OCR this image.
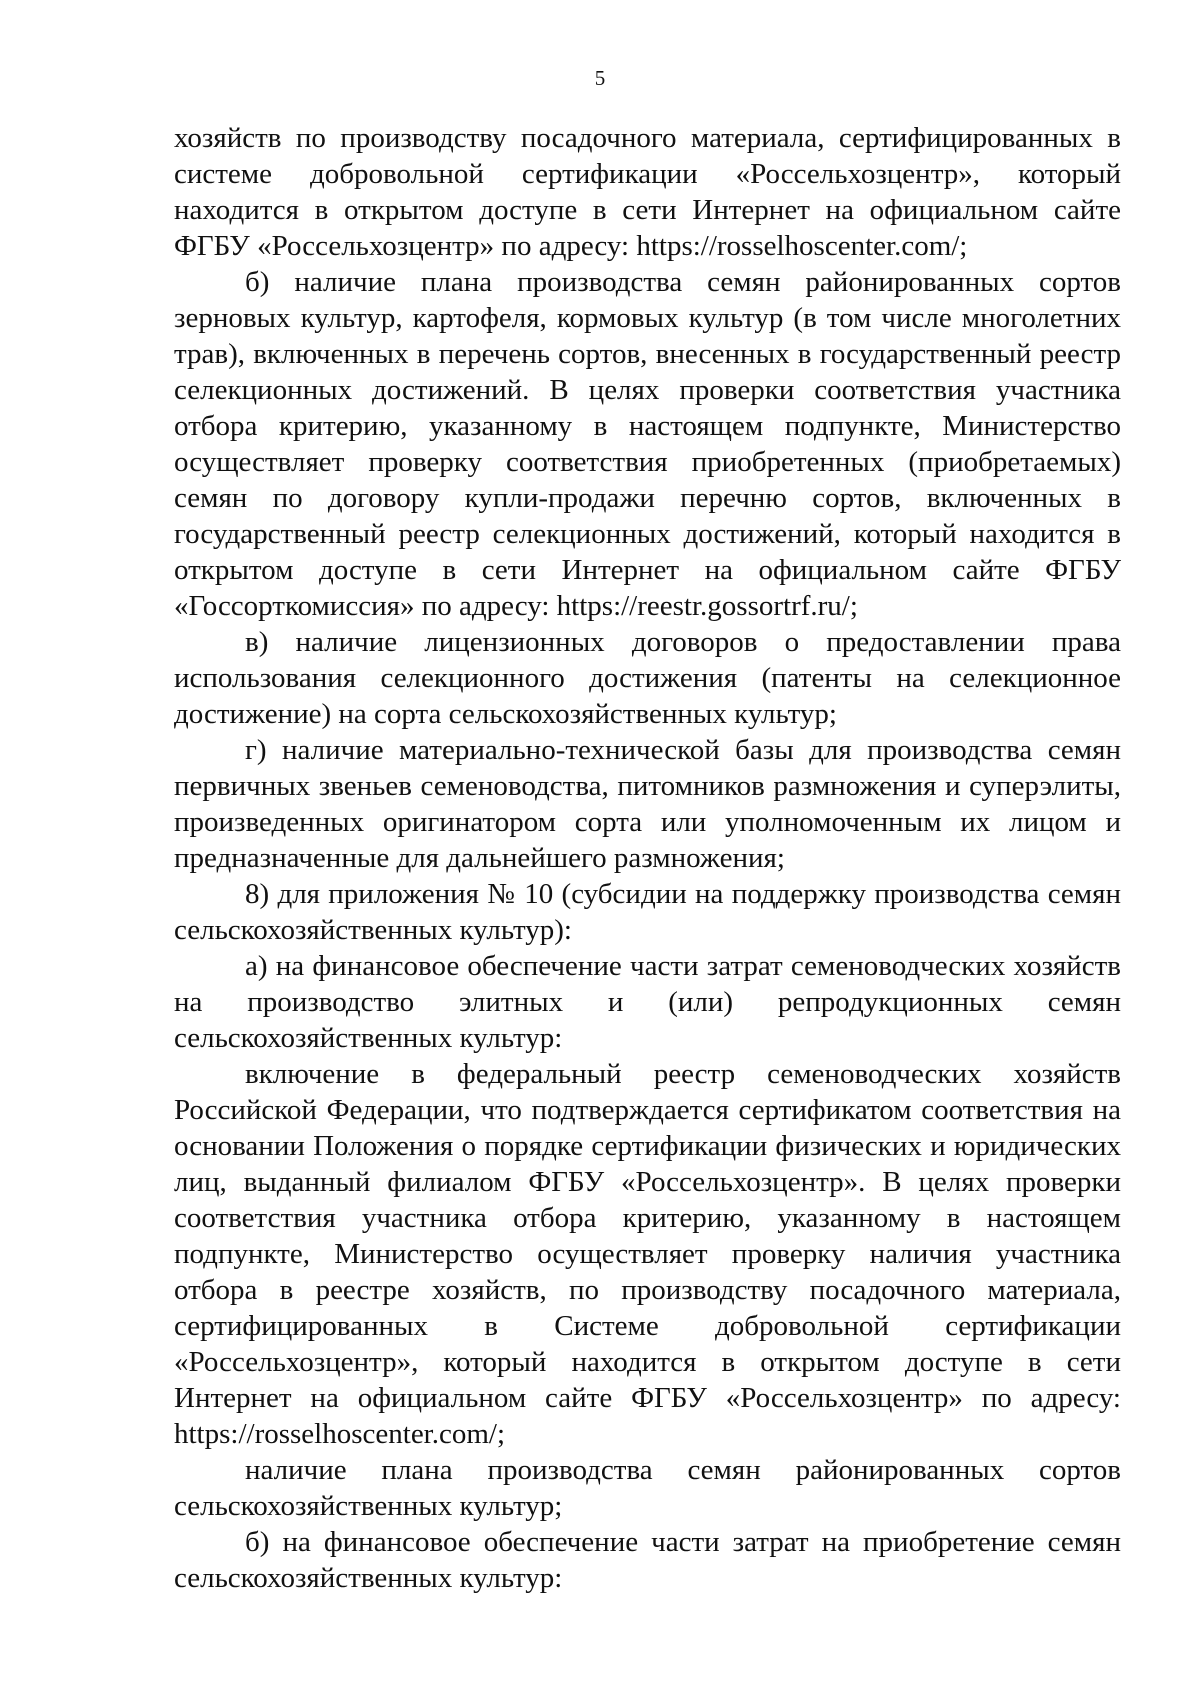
5

хозяйств по производству посадочного материала, сертифицированных в системе добровольной сертификации «Россельхозцентр», который находится в открытом доступе в сети Интернет на официальном сайте ФГБУ «Россельхозцентр» по адресу: https://rosselhoscenter.com/;

б) наличие плана производства семян районированных сортов зерновых культур, картофеля, кормовых культур (в том числе многолетних трав), включенных в перечень сортов, внесенных в государственный реестр селекционных достижений. В целях проверки соответствия участника отбора критерию, указанному в настоящем подпункте, Министерство осуществляет проверку соответствия приобретенных (приобретаемых) семян по договору купли-продажи перечню сортов, включенных в государственный реестр селекционных достижений, который находится в открытом доступе в сети Интернет на официальном сайте ФГБУ «Госсорткомиссия» по адресу: https://reestr.gossortrf.ru/;

в) наличие лицензионных договоров о предоставлении права использования селекционного достижения (патенты на селекционное достижение) на сорта сельскохозяйственных культур;

г) наличие материально-технической базы для производства семян первичных звеньев семеноводства, питомников размножения и суперэлиты, произведенных оригинатором сорта или уполномоченным их лицом и предназначенные для дальнейшего размножения;

8) для приложения № 10 (субсидии на поддержку производства семян сельскохозяйственных культур):

а) на финансовое обеспечение части затрат семеноводческих хозяйств на производство элитных и (или) репродукционных семян сельскохозяйственных культур:

включение в федеральный реестр семеноводческих хозяйств Российской Федерации, что подтверждается сертификатом соответствия на основании Положения о порядке сертификации физических и юридических лиц, выданный филиалом ФГБУ «Россельхозцентр». В целях проверки соответствия участника отбора критерию, указанному в настоящем подпункте, Министерство осуществляет проверку наличия участника отбора в реестре хозяйств, по производству посадочного материала, сертифицированных в Системе добровольной сертификации «Россельхозцентр», который находится в открытом доступе в сети Интернет на официальном сайте ФГБУ «Россельхозцентр» по адресу: https://rosselhoscenter.com/;

наличие плана производства семян районированных сортов сельскохозяйственных культур;

б) на финансовое обеспечение части затрат на приобретение семян сельскохозяйственных культур:
